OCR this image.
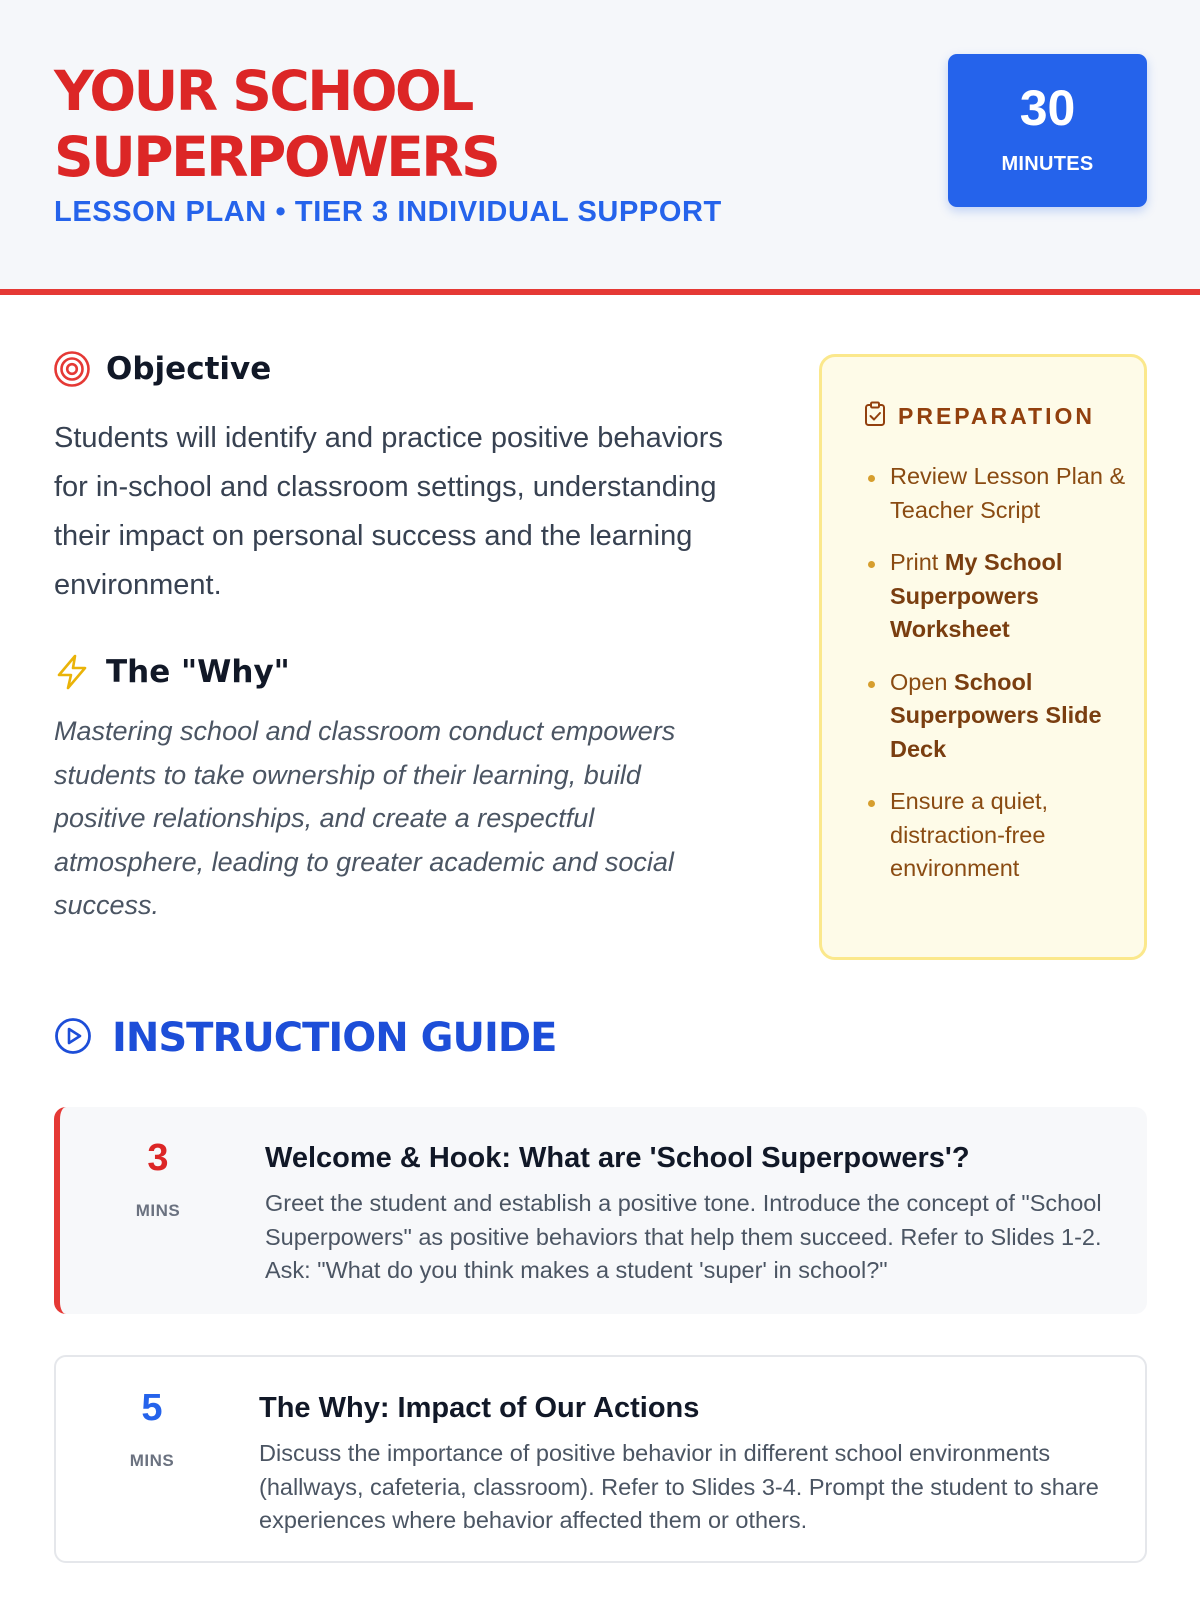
YOUR SCHOOL
SUPERPOWERS
LESSON PLAN • TIER 3 INDIVIDUAL SUPPORT
30
MINUTES
Objective
Students will identify and practice positive behaviors for in-school and classroom settings, understanding their impact on personal success and the learning environment.
The "Why"
Mastering school and classroom conduct empowers students to take ownership of their learning, build positive relationships, and create a respectful atmosphere, leading to greater academic and social success.
PREPARATION
Review Lesson Plan & Teacher Script
Print My School Superpowers Worksheet
Open School Superpowers Slide Deck
Ensure a quiet, distraction-free environment
INSTRUCTION GUIDE
3
MINS
Welcome & Hook: What are 'School Superpowers'?
Greet the student and establish a positive tone. Introduce the concept of "School Superpowers" as positive behaviors that help them succeed. Refer to Slides 1-2. Ask: "What do you think makes a student 'super' in school?"
5
MINS
The Why: Impact of Our Actions
Discuss the importance of positive behavior in different school environments (hallways, cafeteria, classroom). Refer to Slides 3-4. Prompt the student to share experiences where behavior affected them or others.
